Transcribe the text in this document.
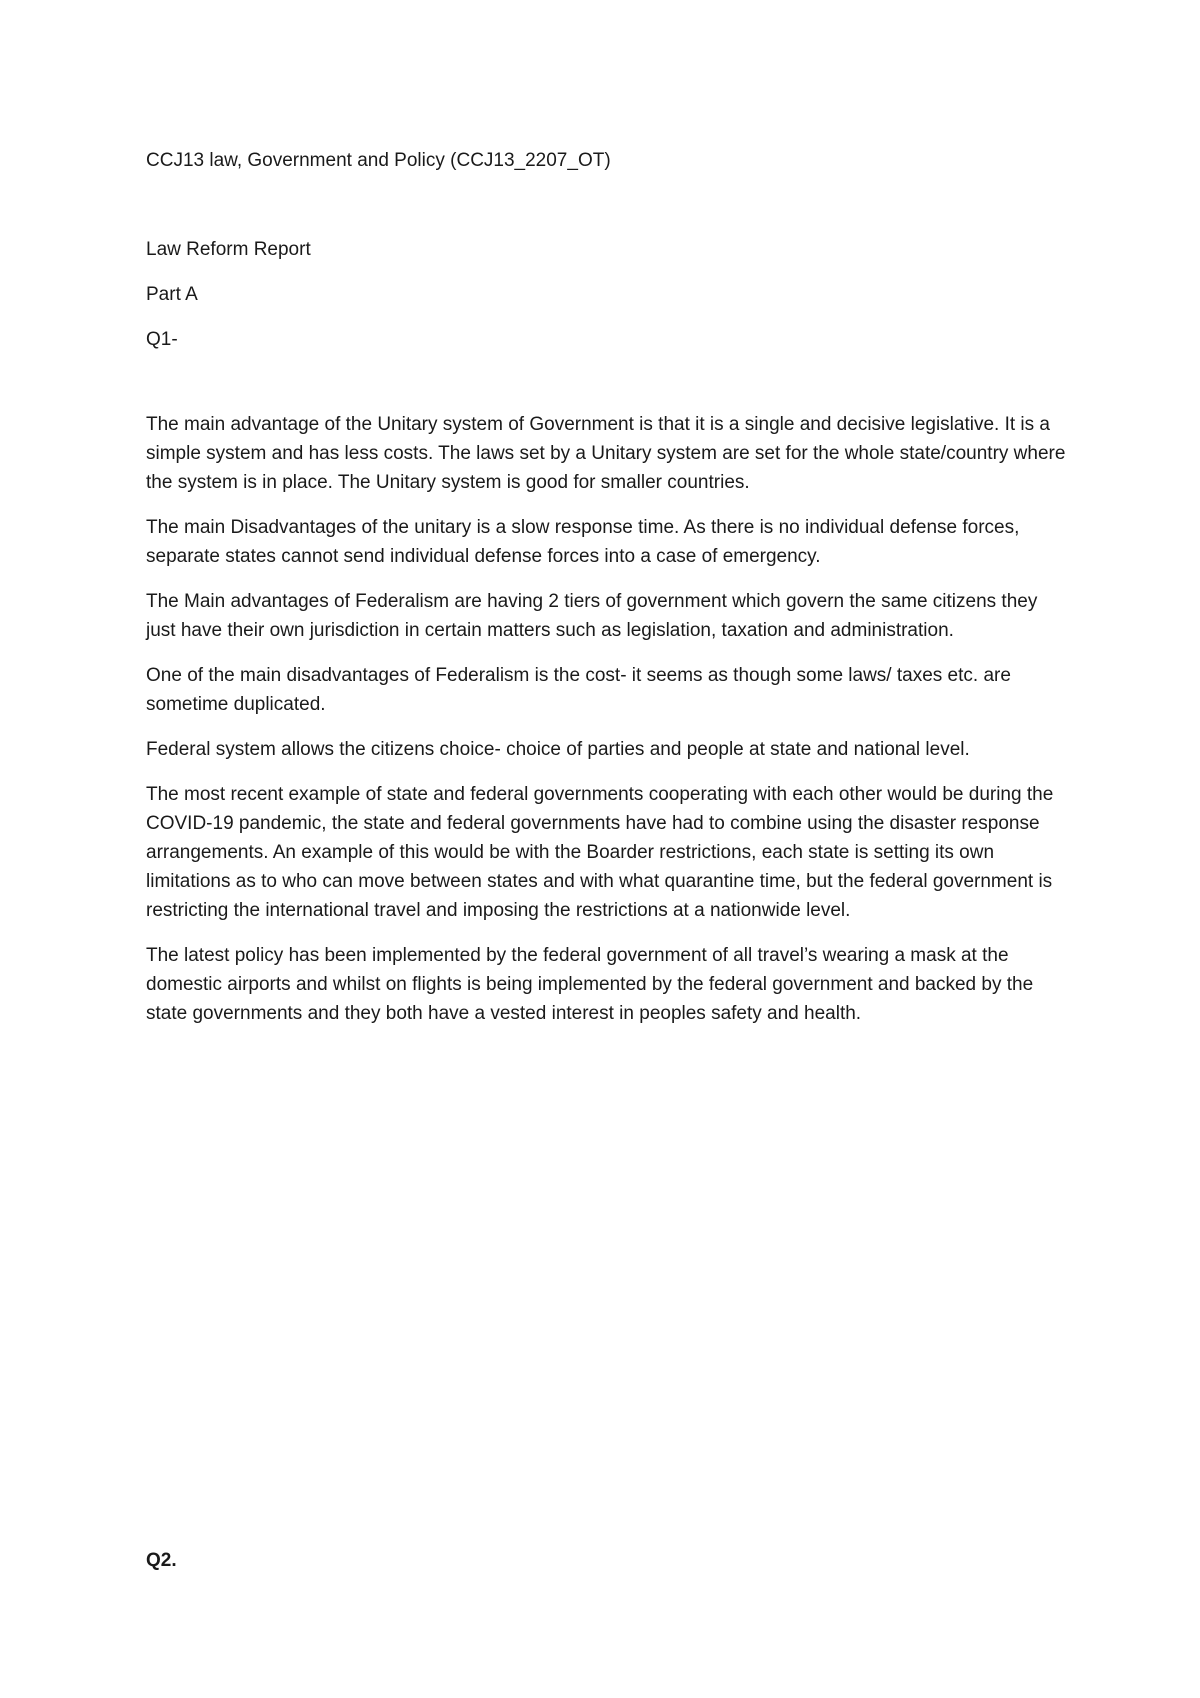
CCJ13 law, Government and Policy (CCJ13_2207_OT)

Law Reform Report

Part A

Q1-

The main advantage of the Unitary system of Government is that it is a single and decisive legislative. It is a simple system and has less costs. The laws set by a Unitary system are set for the whole state/country where the system is in place. The Unitary system is good for smaller countries.

The main Disadvantages of the unitary is a slow response time. As there is no individual defense forces, separate states cannot send individual defense forces into a case of emergency.

The Main advantages of Federalism are having 2 tiers of government which govern the same citizens they just have their own jurisdiction in certain matters such as legislation, taxation and administration.

One of the main disadvantages of Federalism is the cost- it seems as though some laws/ taxes etc. are sometime duplicated.

Federal system allows the citizens choice- choice of parties and people at state and national level.

The most recent example of state and federal governments cooperating with each other would be during the COVID-19 pandemic, the state and federal governments have had to combine using the disaster response arrangements. An example of this would be with the Boarder restrictions, each state is setting its own limitations as to who can move between states and with what quarantine time, but the federal government is restricting the international travel and imposing the restrictions at a nationwide level.

The latest policy has been implemented by the federal government of all travel’s wearing a mask at the domestic airports and whilst on flights is being implemented by the federal government and backed by the state governments and they both have a vested interest in peoples safety and health.

Q2.
